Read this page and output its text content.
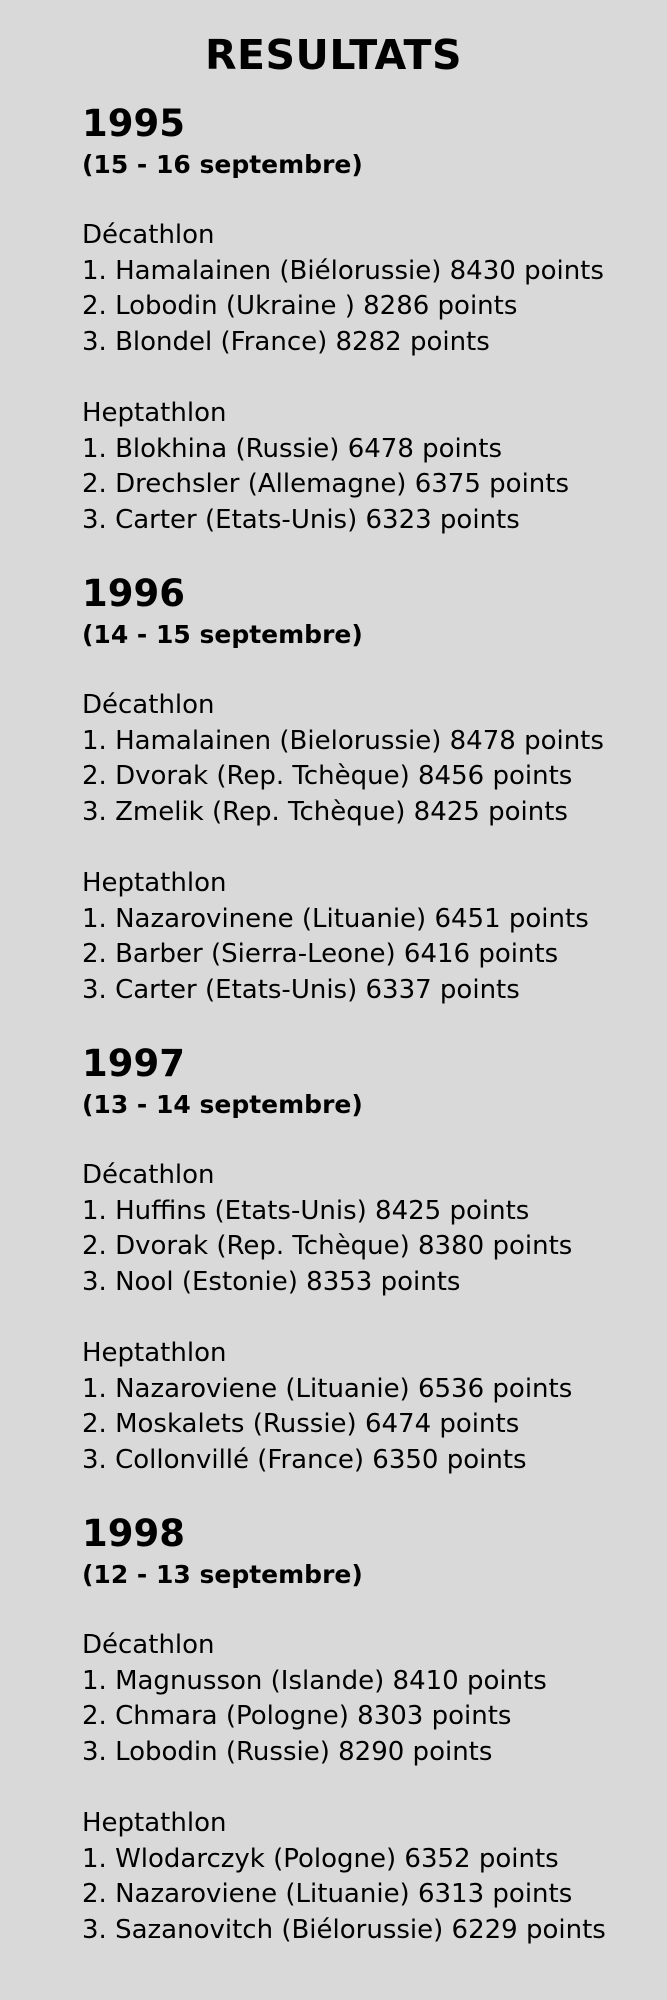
RESULTATS
1995

(15 - 16 septembre)

Décathlon

1. Hamalainen (Biélorussie) 8430 points

2. Lobodin (Ukraine ) 8286 points

3. Blondel (France) 8282 points

Heptathlon

1. Blokhina (Russie) 6478 points

2. Drechsler (Allemagne) 6375 points

3. Carter (Etats-Unis) 6323 points

1996

(14 - 15 septembre)

Décathlon

1. Hamalainen (Bielorussie) 8478 points

2. Dvorak (Rep. Tchèque) 8456 points

3. Zmelik (Rep. Tchèque) 8425 points

Heptathlon

1. Nazarovinene (Lituanie) 6451 points

2. Barber (Sierra-Leone) 6416 points

3. Carter (Etats-Unis) 6337 points

1997

(13 - 14 septembre)

Décathlon

1. Huffins (Etats-Unis) 8425 points

2. Dvorak (Rep. Tchèque) 8380 points

3. Nool (Estonie) 8353 points

Heptathlon

1. Nazaroviene (Lituanie) 6536 points

2. Moskalets (Russie) 6474 points

3. Collonvillé (France) 6350 points

1998

(12 - 13 septembre)

Décathlon

1. Magnusson (Islande) 8410 points

2. Chmara (Pologne) 8303 points

3. Lobodin (Russie) 8290 points

Heptathlon

1. Wlodarczyk (Pologne) 6352 points

2. Nazaroviene (Lituanie) 6313 points

3. Sazanovitch (Biélorussie) 6229 points
